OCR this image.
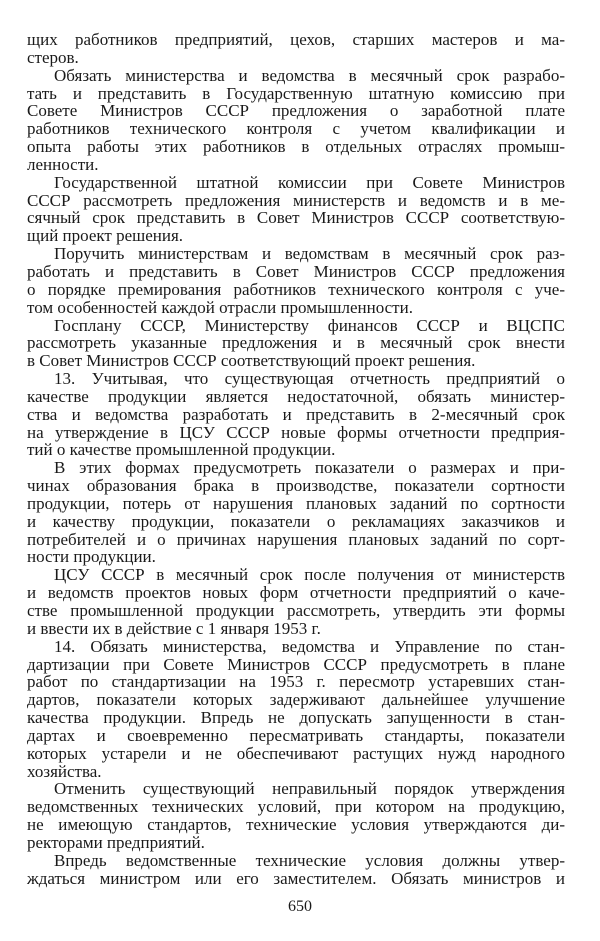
щих работников предприятий, цехов, старших мастеров и ма-
стеров.
Обязать министерства и ведомства в месячный срок разрабо-
тать и представить в Государственную штатную комиссию при
Совете Министров СССР предложения о заработной плате
работников технического контроля с учетом квалификации и
опыта работы этих работников в отдельных отраслях промыш-
ленности.
Государственной штатной комиссии при Совете Министров
СССР рассмотреть предложения министерств и ведомств и в ме-
сячный срок представить в Совет Министров СССР соответствую-
щий проект решения.
Поручить министерствам и ведомствам в месячный срок раз-
работать и представить в Совет Министров СССР предложения
о порядке премирования работников технического контроля с уче-
том особенностей каждой отрасли промышленности.
Госплану СССР, Министерству финансов СССР и ВЦСПС
рассмотреть указанные предложения и в месячный срок внести
в Совет Министров СССР соответствующий проект решения.
13. Учитывая, что существующая отчетность предприятий о
качестве продукции является недостаточной, обязать министер-
ства и ведомства разработать и представить в 2-месячный срок
на утверждение в ЦСУ СССР новые формы отчетности предприя-
тий о качестве промышленной продукции.
В этих формах предусмотреть показатели о размерах и при-
чинах образования брака в производстве, показатели сортности
продукции, потерь от нарушения плановых заданий по сортности
и качеству продукции, показатели о рекламациях заказчиков и
потребителей и о причинах нарушения плановых заданий по сорт-
ности продукции.
ЦСУ СССР в месячный срок после получения от министерств
и ведомств проектов новых форм отчетности предприятий о каче-
стве промышленной продукции рассмотреть, утвердить эти формы
и ввести их в действие с 1 января 1953 г.
14. Обязать министерства, ведомства и Управление по стан-
дартизации при Совете Министров СССР предусмотреть в плане
работ по стандартизации на 1953 г. пересмотр устаревших стан-
дартов, показатели которых задерживают дальнейшее улучшение
качества продукции. Впредь не допускать запущенности в стан-
дартах и своевременно пересматривать стандарты, показатели
которых устарели и не обеспечивают растущих нужд народного
хозяйства.
Отменить существующий неправильный порядок утверждения
ведомственных технических условий, при котором на продукцию,
не имеющую стандартов, технические условия утверждаются ди-
ректорами предприятий.
Впредь ведомственные технические условия должны утвер-
ждаться министром или его заместителем. Обязать министров и
650
